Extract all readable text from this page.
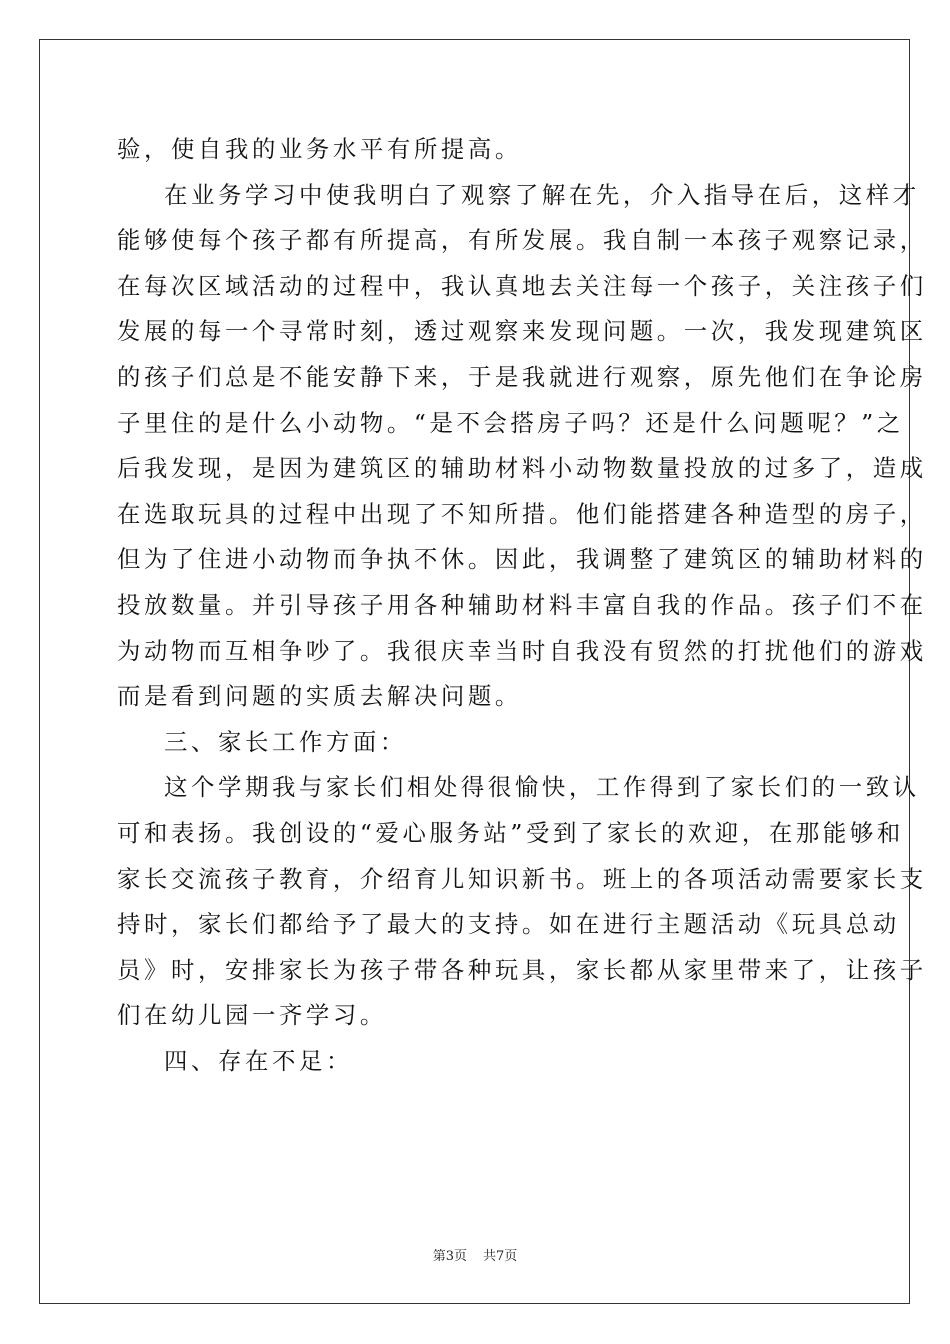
验，使自我的业务水平有所提高。
在业务学习中使我明白了观察了解在先，介入指导在后，这样才
能够使每个孩子都有所提高，有所发展。我自制一本孩子观察记录，
在每次区域活动的过程中，我认真地去关注每一个孩子，关注孩子们
发展的每一个寻常时刻，透过观察来发现问题。一次，我发现建筑区
的孩子们总是不能安静下来，于是我就进行观察，原先他们在争论房
子里住的是什么小动物。“是不会搭房子吗？还是什么问题呢？”之
后我发现，是因为建筑区的辅助材料小动物数量投放的过多了，造成
在选取玩具的过程中出现了不知所措。他们能搭建各种造型的房子，
但为了住进小动物而争执不休。因此，我调整了建筑区的辅助材料的
投放数量。并引导孩子用各种辅助材料丰富自我的作品。孩子们不在
为动物而互相争吵了。我很庆幸当时自我没有贸然的打扰他们的游戏
而是看到问题的实质去解决问题。
三、家长工作方面：
这个学期我与家长们相处得很愉快，工作得到了家长们的一致认
可和表扬。我创设的“爱心服务站”受到了家长的欢迎，在那能够和
家长交流孩子教育，介绍育儿知识新书。班上的各项活动需要家长支
持时，家长们都给予了最大的支持。如在进行主题活动《玩具总动
员》时，安排家长为孩子带各种玩具，家长都从家里带来了，让孩子
们在幼儿园一齐学习。
四、存在不足：
第3页 共7页
